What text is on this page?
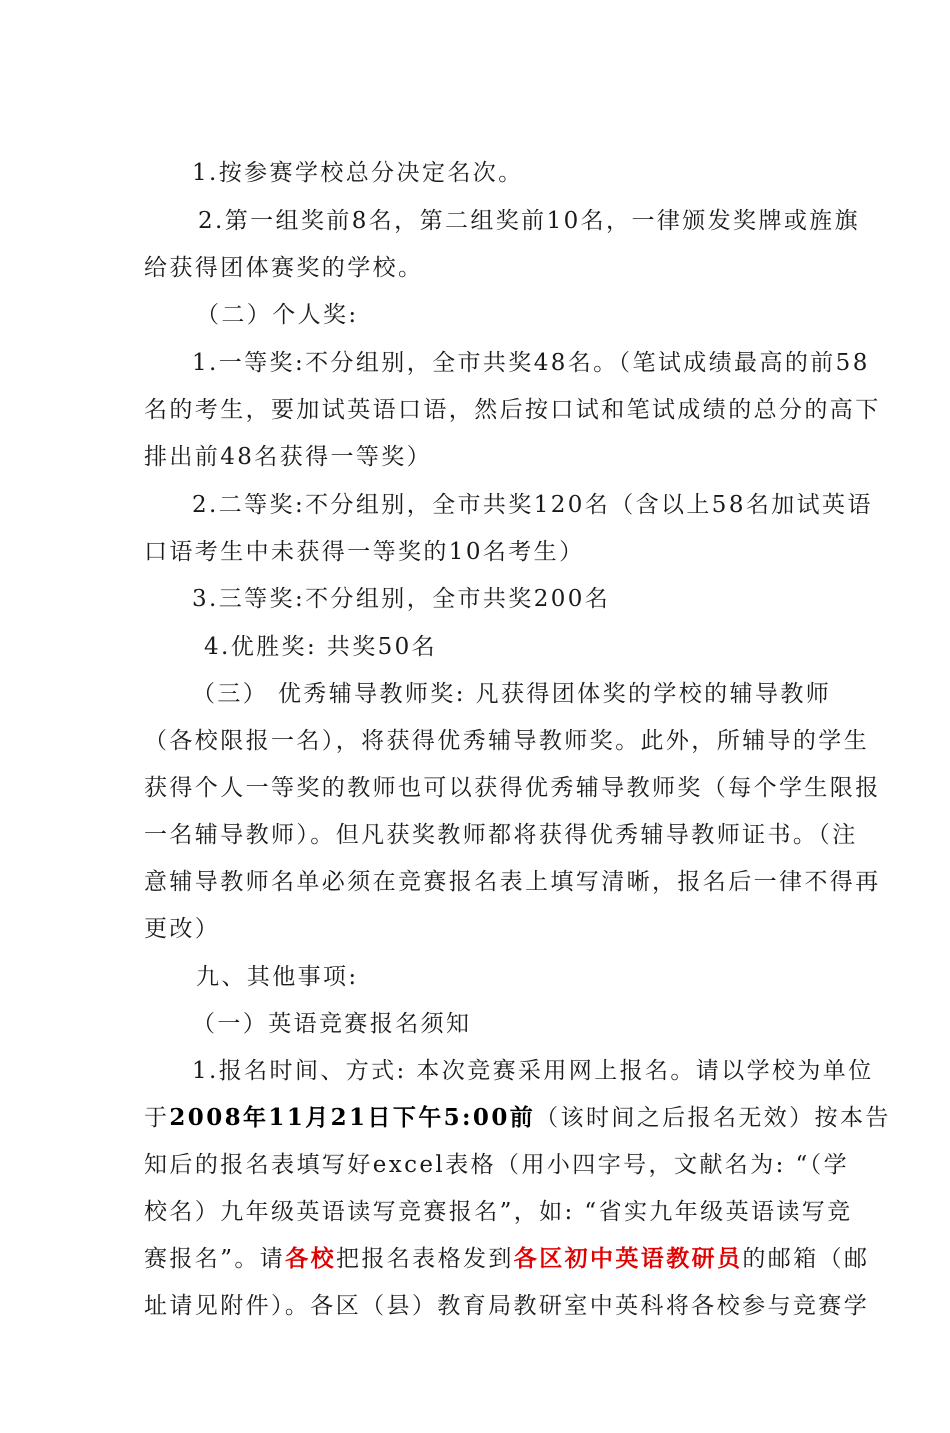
1.按参赛学校总分决定名次。
2.第一组奖前8名，第二组奖前10名，一律颁发奖牌或旌旗
给获得团体赛奖的学校。
（二）个人奖:
1.一等奖:不分组别，全市共奖48名。（笔试成绩最高的前58
名的考生，要加试英语口语，然后按口试和笔试成绩的总分的高下
排出前48名获得一等奖）
2.二等奖:不分组别，全市共奖120名（含以上58名加试英语
口语考生中未获得一等奖的10名考生）
3.三等奖:不分组别，全市共奖200名
4.优胜奖: 共奖50名
（三） 优秀辅导教师奖: 凡获得团体奖的学校的辅导教师
（各校限报一名），将获得优秀辅导教师奖。此外，所辅导的学生
获得个人一等奖的教师也可以获得优秀辅导教师奖（每个学生限报
一名辅导教师）。但凡获奖教师都将获得优秀辅导教师证书。（注
意辅导教师名单必须在竞赛报名表上填写清晰，报名后一律不得再
更改）
九、其他事项:
（一）英语竞赛报名须知
1.报名时间、方式: 本次竞赛采用网上报名。请以学校为单位
于2008年11月21日下午5:00前（该时间之后报名无效）按本告
知后的报名表填写好excel表格（用小四字号，文献名为: “（学
校名）九年级英语读写竞赛报名”，如: “省实九年级英语读写竞
赛报名”。请各校把报名表格发到各区初中英语教研员的邮箱（邮
址请见附件）。各区（县）教育局教研室中英科将各校参与竞赛学
